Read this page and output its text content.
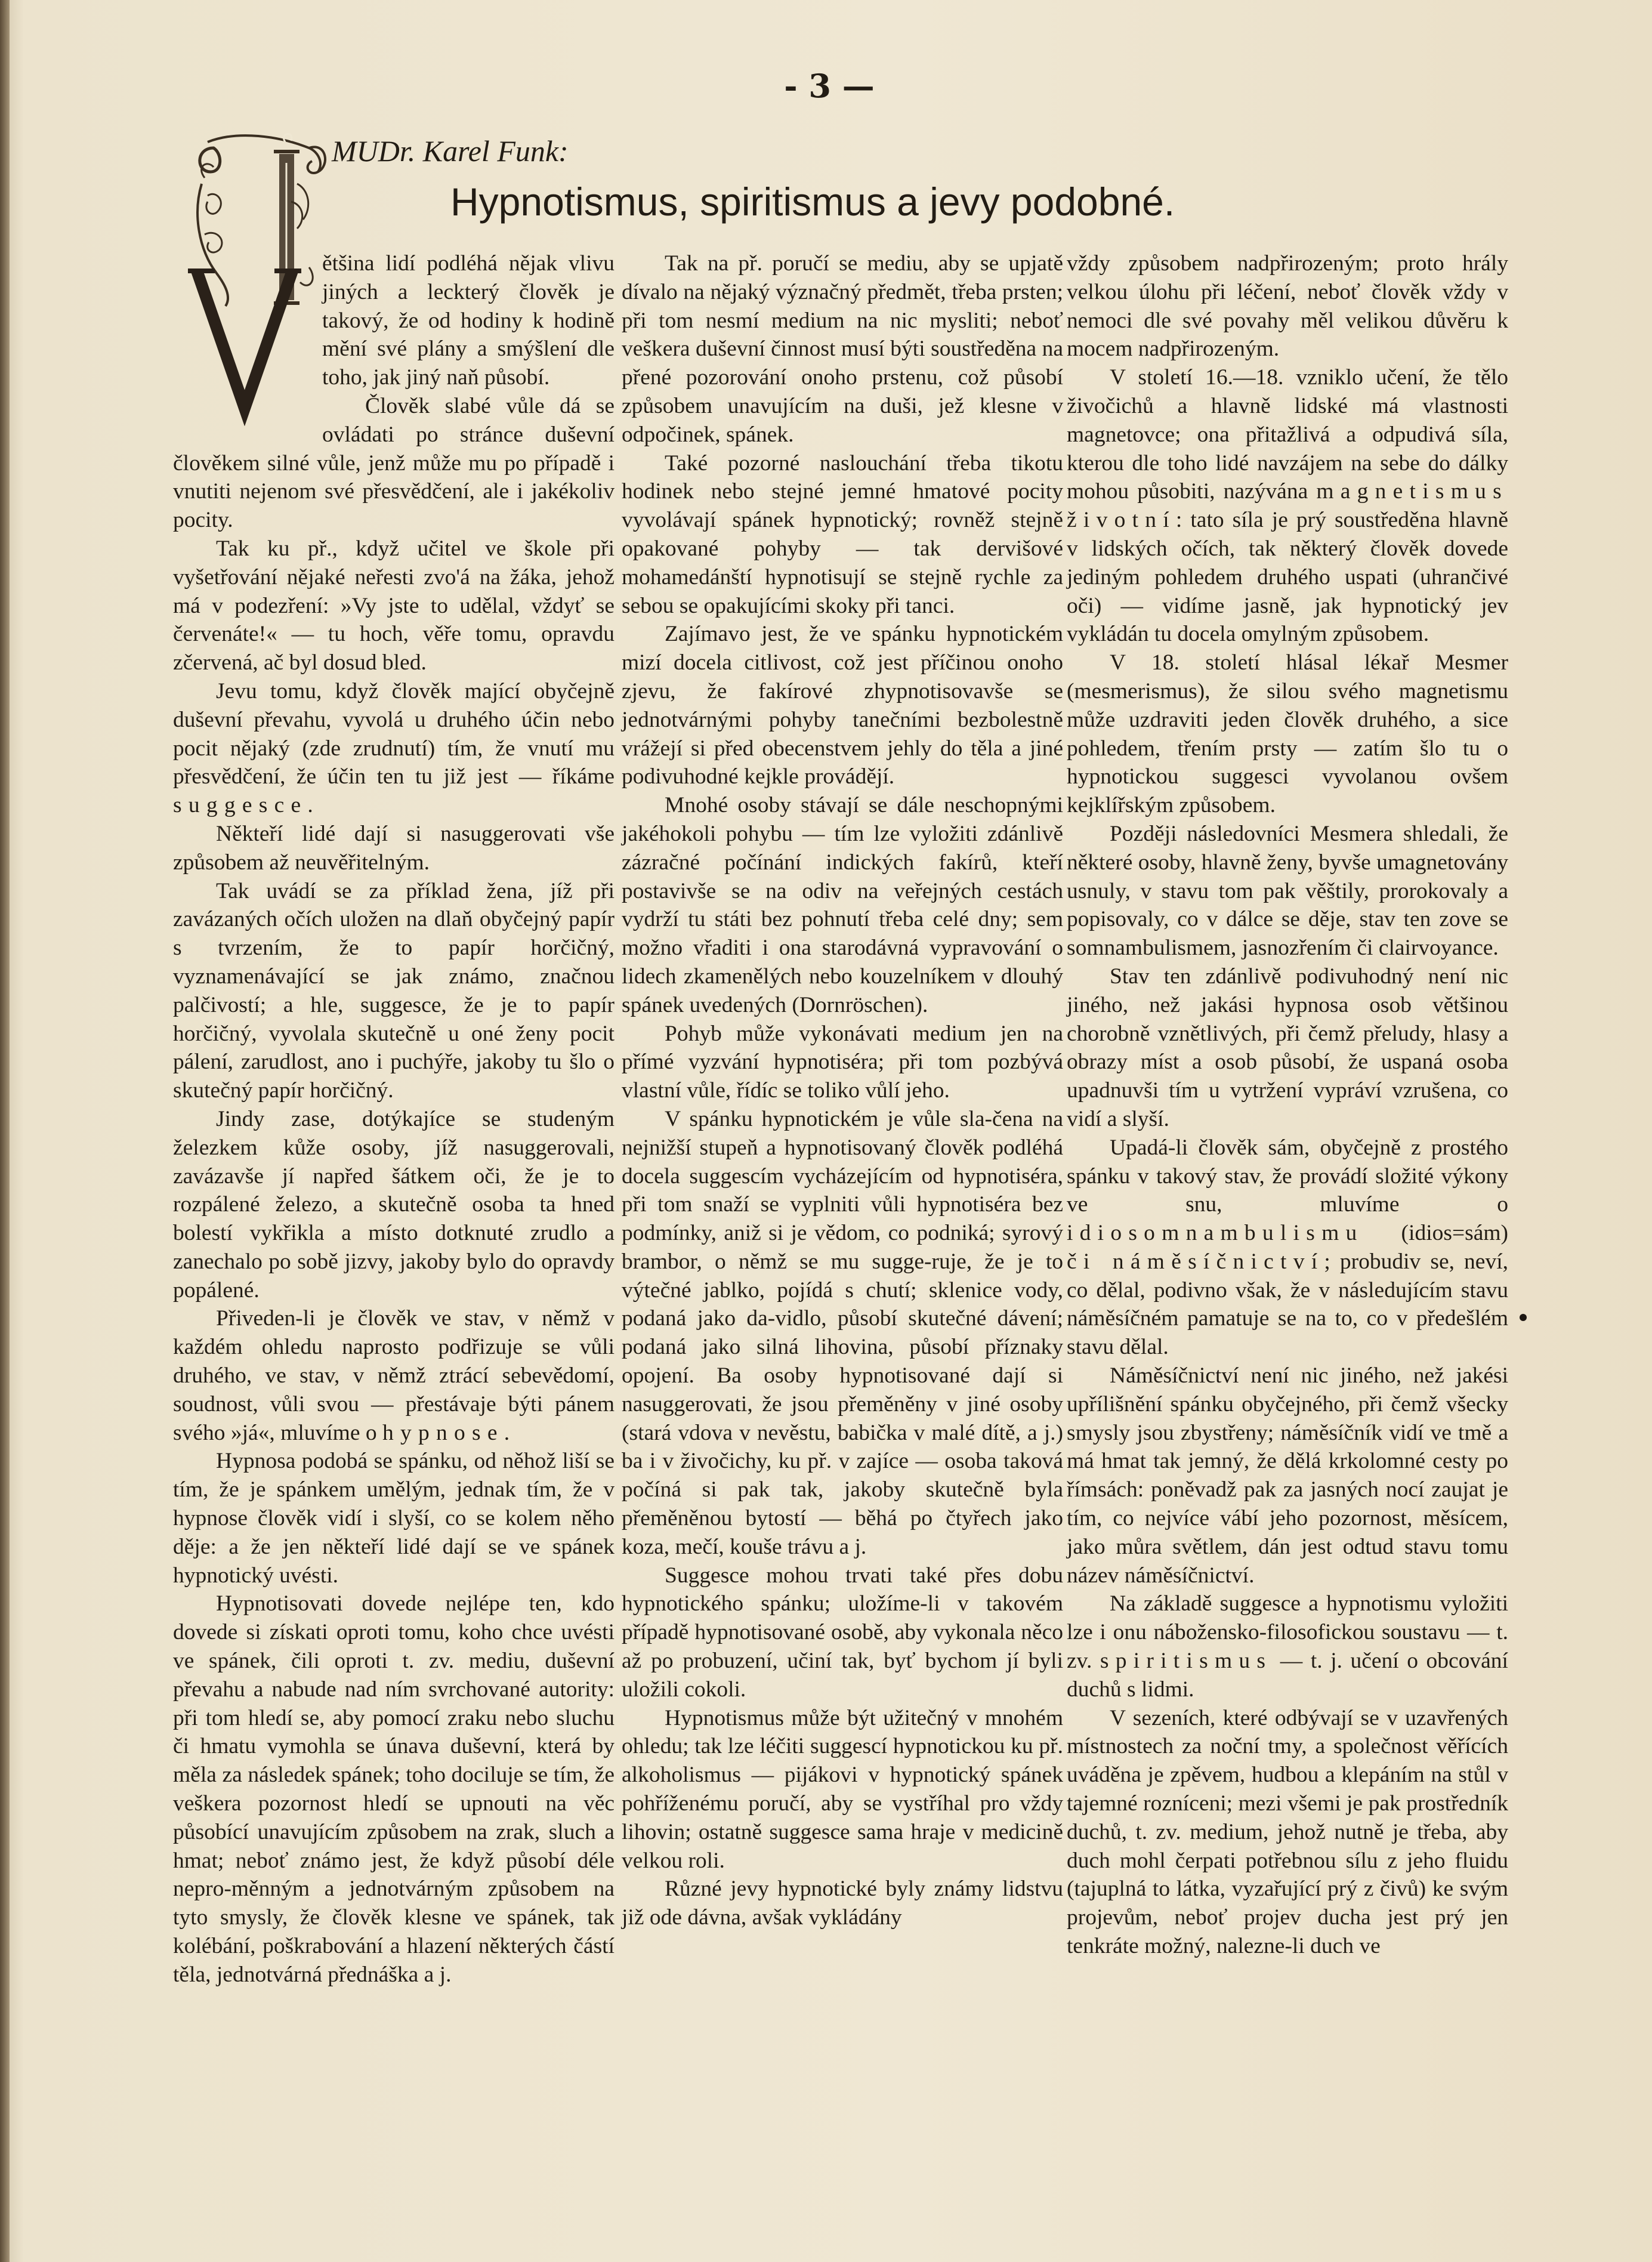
- 3 —

MUDr. Karel Funk:

Hypnotismus, spiritismus a jevy podobné.

ětšina lidí podléhá nějak vlivu jiných a leckterý člověk je takový, že od hodiny k hodině mění své plány a smýšlení dle toho, jak jiný naň působí.

Člověk slabé vůle dá se ovládati po stránce duševní člověkem silné vůle, jenž může mu po případě i vnutiti nejenom své přesvědčení, ale i jakékoliv pocity.

Tak ku př., když učitel ve škole při vyšetřování nějaké neřesti zvo'á na žáka, jehož má v podezření: »Vy jste to udělal, vždyť se červenáte!« — tu hoch, věře tomu, opravdu zčervená, ač byl dosud bled.

Jevu tomu, když člověk mající obyčejně duševní převahu, vyvolá u druhého účin nebo pocit nějaký (zde zrudnutí) tím, že vnutí mu přesvědčení, že účin ten tu již jest — říkáme suggesce.

Někteří lidé dají si nasuggerovati vše způsobem až neuvěřitelným.

Tak uvádí se za příklad žena, jíž při zavázaných očích uložen na dlaň obyčejný papír s tvrzením, že to papír horčičný, vyznamenávající se jak známo, značnou palčivostí; a hle, suggesce, že je to papír horčičný, vyvolala skutečně u oné ženy pocit pálení, zarudlost, ano i puchýře, jakoby tu šlo o skutečný papír horčičný.

Jindy zase, dotýkajíce se studeným železkem kůže osoby, jíž nasuggerovali, zavázavše jí napřed šátkem oči, že je to rozpálené železo, a skutečně osoba ta hned bolestí vykřikla a místo dotknuté zrudlo a zanechalo po sobě jizvy, jakoby bylo do opravdy popálené.

Přiveden-li je člověk ve stav, v němž v každém ohledu naprosto podřizuje se vůli druhého, ve stav, v němž ztrácí sebevědomí, soudnost, vůli svou — přestávaje býti pánem svého »já«, mluvíme o hypnose.

Hypnosa podobá se spánku, od něhož liší se tím, že je spánkem umělým, jednak tím, že v hypnose člověk vidí i slyší, co se kolem něho děje: a že jen někteří lidé dají se ve spánek hypnotický uvésti.

Hypnotisovati dovede nejlépe ten, kdo dovede si získati oproti tomu, koho chce uvésti ve spánek, čili oproti t. zv. mediu, duševní převahu a nabude nad ním svrchované autority: při tom hledí se, aby pomocí zraku nebo sluchu či hmatu vymohla se únava duševní, která by měla za následek spánek; toho dociluje se tím, že veškera pozornost hledí se upnouti na věc působící unavujícím způsobem na zrak, sluch a hmat; neboť známo jest, že když působí déle nepro-měnným a jednotvárným způsobem na tyto smysly, že člověk klesne ve spánek, tak kolébání, poškrabování a hlazení některých částí těla, jednotvárná přednáška a j.

Tak na př. poručí se mediu, aby se upjatě dívalo na nějaký význačný předmět, třeba prsten; při tom nesmí medium na nic mysliti; neboť veškera duševní činnost musí býti soustředěna na přené pozorování onoho prstenu, což působí způsobem unavujícím na duši, jež klesne v odpočinek, spánek.

Také pozorné naslouchání třeba tikotu hodinek nebo stejné jemné hmatové pocity vyvolávají spánek hypnotický; rovněž stejně opakované pohyby — tak dervišové mohamedánští hypnotisují se stejně rychle za sebou se opakujícími skoky při tanci.

Zajímavo jest, že ve spánku hypnotickém mizí docela citlivost, což jest příčinou onoho zjevu, že fakírové zhypnotisovavše se jednotvárnými pohyby tanečními bezbolestně vrážejí si před obecenstvem jehly do těla a jiné podivuhodné kejkle provádějí.

Mnohé osoby stávají se dále neschopnými jakéhokoli pohybu — tím lze vyložiti zdánlivě zázračné počínání indických fakírů, kteří postavivše se na odiv na veřejných cestách vydrží tu státi bez pohnutí třeba celé dny; sem možno vřaditi i ona starodávná vypravování o lidech zkamenělých nebo kouzelníkem v dlouhý spánek uvedených (Dornröschen).

Pohyb může vykonávati medium jen na přímé vyzvání hypnotiséra; při tom pozbývá vlastní vůle, řídíc se toliko vůlí jeho.

V spánku hypnotickém je vůle sla-čena na nejnižší stupeň a hypnotisovaný člověk podléhá docela suggescím vycházejícím od hypnotiséra, při tom snaží se vyplniti vůli hypnotiséra bez podmínky, aniž si je vědom, co podniká; syrový brambor, o němž se mu sugge-ruje, že je to výtečné jablko, pojídá s chutí; sklenice vody, podaná jako da-vidlo, působí skutečné dávení; podaná jako silná lihovina, působí příznaky opojení. Ba osoby hypnotisované dají si nasuggerovati, že jsou přeměněny v jiné osoby (stará vdova v nevěstu, babička v malé dítě, a j.) ba i v živočichy, ku př. v zajíce — osoba taková počíná si pak tak, jakoby skutečně byla přeměněnou bytostí — běhá po čtyřech jako koza, mečí, kouše trávu a j.

Suggesce mohou trvati také přes dobu hypnotického spánku; uložíme-li v takovém případě hypnotisované osobě, aby vykonala něco až po probuzení, učiní tak, byť bychom jí byli uložili cokoli.

Hypnotismus může být užitečný v mnohém ohledu; tak lze léčiti suggescí hypnotickou ku př. alkoholismus — pijákovi v hypnotický spánek pohříženému poručí, aby se vystříhal pro vždy lihovin; ostatně suggesce sama hraje v medicině velkou roli.

Různé jevy hypnotické byly známy lidstvu již ode dávna, avšak vykládány

vždy způsobem nadpřirozeným; proto hrály velkou úlohu při léčení, neboť člověk vždy v nemoci dle své povahy měl velikou důvěru k mocem nadpřirozeným.

V století 16.—18. vzniklo učení, že tělo živočichů a hlavně lidské má vlastnosti magnetovce; ona přitažlivá a odpudivá síla, kterou dle toho lidé navzájem na sebe do dálky mohou působiti, nazývána magnetismus životní: tato síla je prý soustředěna hlavně v lidských očích, tak některý člověk dovede jediným pohledem druhého uspati (uhrančivé oči) — vidíme jasně, jak hypnotický jev vykládán tu docela omylným způsobem.

V 18. století hlásal lékař Mesmer (mesmerismus), že silou svého magnetismu může uzdraviti jeden člověk druhého, a sice pohledem, třením prsty — zatím šlo tu o hypnotickou suggesci vyvolanou ovšem kejklířským způsobem.

Později následovníci Mesmera shledali, že některé osoby, hlavně ženy, byvše umagnetovány usnuly, v stavu tom pak věštily, prorokovaly a popisovaly, co v dálce se děje, stav ten zove se somnambulismem, jasnozřením či clairvoyance.

Stav ten zdánlivě podivuhodný není nic jiného, než jakási hypnosa osob většinou chorobně vznětlivých, při čemž přeludy, hlasy a obrazy míst a osob působí, že uspaná osoba upadnuvši tím u vytržení vypráví vzrušena, co vidí a slyší.

Upadá-li člověk sám, obyčejně z prostého spánku v takový stav, že provádí složité výkony ve snu, mluvíme o idiosomnambulismu (idios=sám) či náměsíčnictví; probudiv se, neví, co dělal, podivno však, že v následujícím stavu náměsíčném pamatuje se na to, co v předešlém stavu dělal.

Náměsíčnictví není nic jiného, než jakési upřílišnění spánku obyčejného, při čemž všecky smysly jsou zbystřeny; náměsíčník vidí ve tmě a má hmat tak jemný, že dělá krkolomné cesty po římsách: poněvadž pak za jasných nocí zaujat je tím, co nejvíce vábí jeho pozornost, měsícem, jako můra světlem, dán jest odtud stavu tomu název náměsíčnictví.

Na základě suggesce a hypnotismu vyložiti lze i onu nábožensko-filosofickou soustavu — t. zv. spiritismus — t. j. učení o obcování duchů s lidmi.

V sezeních, které odbývají se v uzavřených místnostech za noční tmy, a společnost věřících uváděna je zpěvem, hudbou a klepáním na stůl v tajemné rozníceni; mezi všemi je pak prostředník duchů, t. zv. medium, jehož nutně je třeba, aby duch mohl čerpati potřebnou sílu z jeho fluidu (tajuplná to látka, vyzařující prý z čivů) ke svým projevům, neboť projev ducha jest prý jen tenkráte možný, nalezne-li duch ve
